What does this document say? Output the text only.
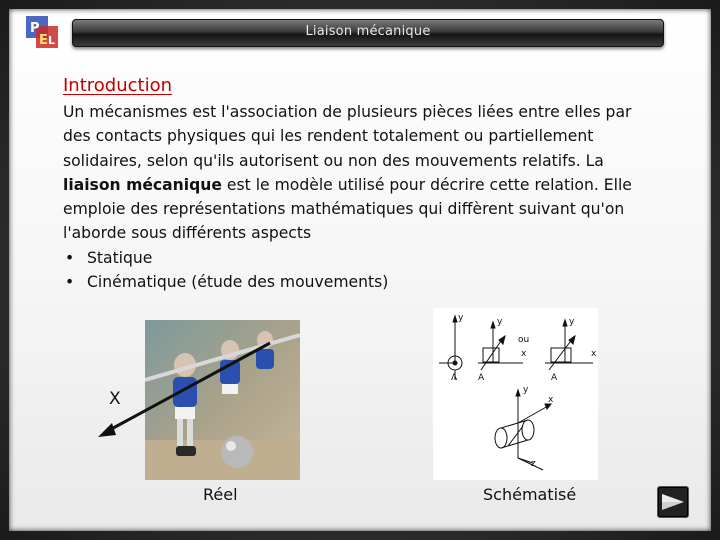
P
E L
Liaison mécanique
Introduction
Un mécanismes est l'association de plusieurs pièces liées entre elles par des contacts physiques qui les rendent totalement ou partiellement solidaires, selon qu'ils autorisent ou non des mouvements relatifs. La liaison mécanique est le modèle utilisé pour décrire cette relation. Elle emploie des représentations mathématiques qui diffèrent suivant qu'on l'aborde sous différents aspects
• Statique
• Cinématique (étude des mouvements)
X
y	y	y
ou
x	x
A	A
Λ
y
x
z
Réel	Schématisé
